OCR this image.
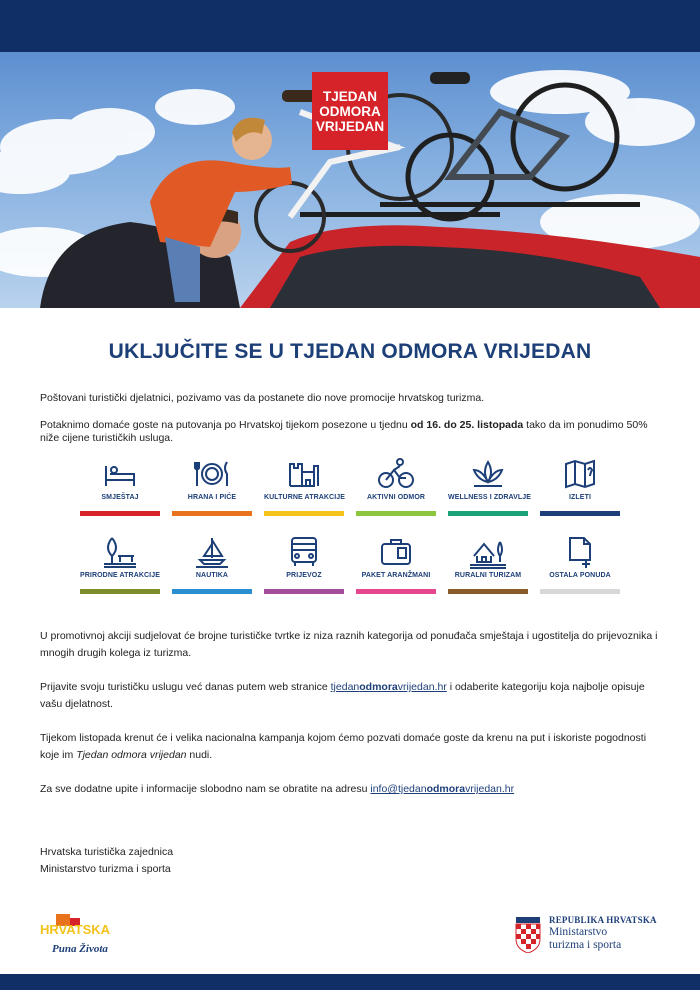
TJEDAN
ODMORA
VRIJEDAN
UKLJUČITE SE U TJEDAN ODMORA VRIJEDAN
Poštovani turistički djelatnici, pozivamo vas da postanete dio nove promocije hrvatskog turizma.
Potaknimo domaće goste na putovanja po Hrvatskoj tijekom posezone u tjednu od 16. do 25. listopada tako da im ponudimo 50% niže cijene turističkih usluga.
SMJEŠTAJ	HRANA I PIĆE	KULTURNE ATRAKCIJE	AKTIVNI ODMOR	WELLNESS I ZDRAVLJE	IZLETI
PRIRODNE ATRAKCIJE	NAUTIKA	PRIJEVOZ	PAKET ARANŽMANI	RURALNI TURIZAM	OSTALA PONUDA
U promotivnoj akciji sudjelovat će brojne turističke tvrtke iz niza raznih kategorija od ponuđača smještaja i ugostitelja do prijevoznika i mnogih drugih kolega iz turizma.
Prijavite svoju turističku uslugu već danas putem web stranice tjedanodmoravrijedan.hr i odaberite kategoriju koja najbolje opisuje vašu djelatnost.
Tijekom listopada krenut će i velika nacionalna kampanja kojom ćemo pozvati domaće goste da krenu na put i iskoriste pogodnosti koje im Tjedan odmora vrijedan nudi.
Za sve dodatne upite i informacije slobodno nam se obratite na adresu info@tjedanodmoravrijedan.hr
Hrvatska turistička zajednica
Ministarstvo turizma i sporta
HRVATSKA
Puna Života
REPUBLIKA HRVATSKA
Ministarstvo
turizma i sporta
